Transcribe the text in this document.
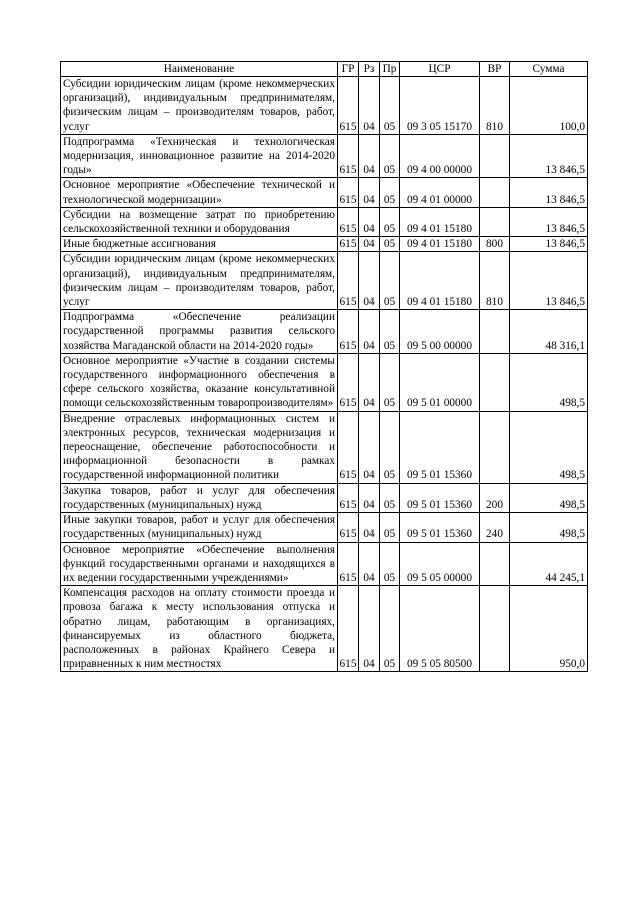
Наименование	ГР	Рз	Пр	ЦСР	ВР	Сумма
Субсидии юридическим лицам (кроме некоммерческих организаций), индивидуальным предпринимателям, физическим лицам – производителям товаров, работ, услуг	615	04	05	09 3 05 15170	810	100,0
Подпрограмма «Техническая и технологическая модернизация, инновационное развитие на 2014-2020 годы»	615	04	05	09 4 00 00000		13 846,5
Основное мероприятие «Обеспечение технической и технологической модернизации»	615	04	05	09 4 01 00000		13 846,5
Субсидии на возмещение затрат по приобретению сельскохозяйственной техники и оборудования	615	04	05	09 4 01 15180		13 846,5
Иные бюджетные ассигнования	615	04	05	09 4 01 15180	800	13 846,5
Субсидии юридическим лицам (кроме некоммерческих организаций), индивидуальным предпринимателям, физическим лицам – производителям товаров, работ, услуг	615	04	05	09 4 01 15180	810	13 846,5
Подпрограмма «Обеспечение реализации государственной программы развития сельского хозяйства Магаданской области на 2014-2020 годы»	615	04	05	09 5 00 00000		48 316,1
Основное мероприятие «Участие в создании системы государственного информационного обеспечения в сфере сельского хозяйства, оказание консультативной помощи сельскохозяйственным товаропроизводителям»	615	04	05	09 5 01 00000		498,5
Внедрение отраслевых информационных систем и электронных ресурсов, техническая модернизация и переоснащение, обеспечение работоспособности и информационной безопасности в рамках государственной информационной политики	615	04	05	09 5 01 15360		498,5
Закупка товаров, работ и услуг для обеспечения государственных (муниципальных) нужд	615	04	05	09 5 01 15360	200	498,5
Иные закупки товаров, работ и услуг для обеспечения государственных (муниципальных) нужд	615	04	05	09 5 01 15360	240	498,5
Основное мероприятие «Обеспечение выполнения функций государственными органами и находящихся в их ведении государственными учреждениями»	615	04	05	09 5 05 00000		44 245,1
Компенсация расходов на оплату стоимости проезда и провоза багажа к месту использования отпуска и обратно лицам, работающим в организациях, финансируемых из областного бюджета, расположенных в районах Крайнего Севера и приравненных к ним местностях	615	04	05	09 5 05 80500		950,0
